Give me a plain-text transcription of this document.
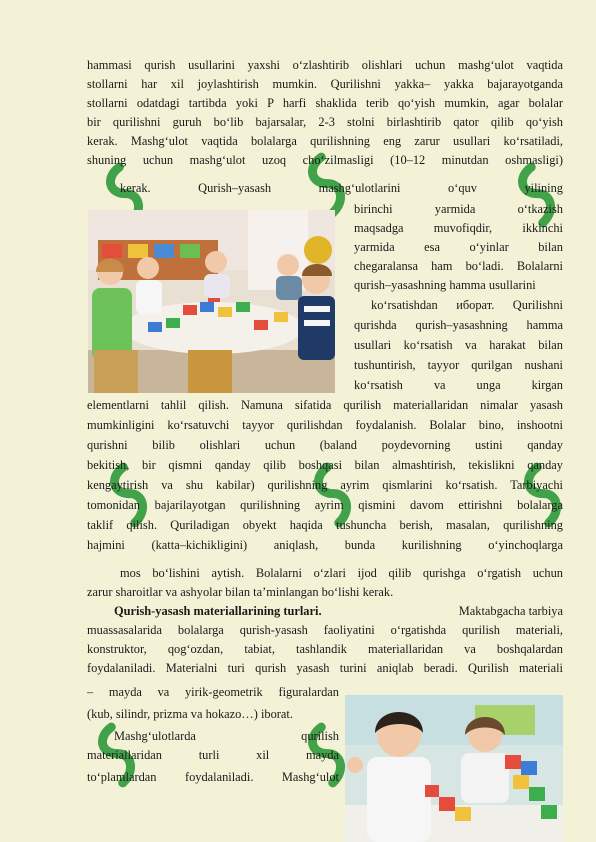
hammasi qurish usullarini yaxshi o‘zlashtirib olishlari uchun mashg‘ulot vaqtida
stollarni har xil joylashtirish mumkin. Qurilishni yakka– yakka bajarayotganda
stollarni odatdagi tartibda yoki P harfi shaklida terib qo‘yish mumkin, agar bolalar
bir qurilishni guruh bo‘lib bajarsalar, 2-3 stolni birlashtirib qator qilib qo‘yish
kerak. Mashg‘ulot vaqtida bolalarga qurilishning eng zarur usullari ko‘rsatiladi,
shuning uchun mashg‘ulot uzoq cho‘zilmasligi (10–12 minutdan oshmasligi)
kerak. Qurish–yasash mashg‘ulotlarini o‘quv yilining
birinchi yarmida o‘tkazish
maqsadga muvofiqdir, ikkinchi
yarmida esa o‘yinlar bilan
chegaralansa ham bo‘ladi. Bolalarni
qurish–yasashning hamma usullarini
ko‘rsatishdan иборат. Qurilishni
qurishda qurish–yasashning hamma
usullari ko‘rsatish va harakat bilan
tushuntirish, tayyor qurilgan nushani
ko‘rsatish va unga kirgan
elementlarni tahlil qilish. Namuna sifatida qurilish materiallaridan nimalar yasash
mumkinligini ko‘rsatuvchi tayyor qurilishdan foydalanish. Bolalar bino, inshootni
qurishni bilib olishlari uchun (baland poydevorning ustini qanday
bekitish, bir qismni qanday qilib boshqasi bilan almashtirish, tekislikni qanday
kengaytirish va shu kabilar) qurilishning ayrim qismlarini ko‘rsatish. Tarbiyachi
tomonidan bajarilayotgan qurilishning ayrim qismini davom ettirishni bolalarga
taklif qilish. Quriladigan obyekt haqida tushuncha berish, masalan, qurilishning
hajmini (katta–kichikligini) aniqlash, bunda kurilishning o‘yinchoqlarga
mos bo‘lishini aytish. Bolalarni o‘zlari ijod qilib qurishga o‘rgatish uchun
zarur sharoitlar va ashyolar bilan ta’minlangan bo‘lishi kerak.
Qurish-yasash materiallarining turlari.	Maktabgacha tarbiya
muassasalarida bolalarga qurish-yasash faoliyatini o‘rgatishda qurilish materiali,
konstruktor, qog‘ozdan, tabiat, tashlandik materiallaridan va boshqalardan
foydalaniladi. Materialni turi qurish yasash turini aniqlab beradi. Qurilish materiali
– mayda va yirik-geometrik figuralardan
(kub, silindr, prizma va hokazo…) iborat.
Mashg‘ulotlarda qurilish
materiallaridan turli xil mayda
to‘plamlardan foydalaniladi. Mashg‘ulot
